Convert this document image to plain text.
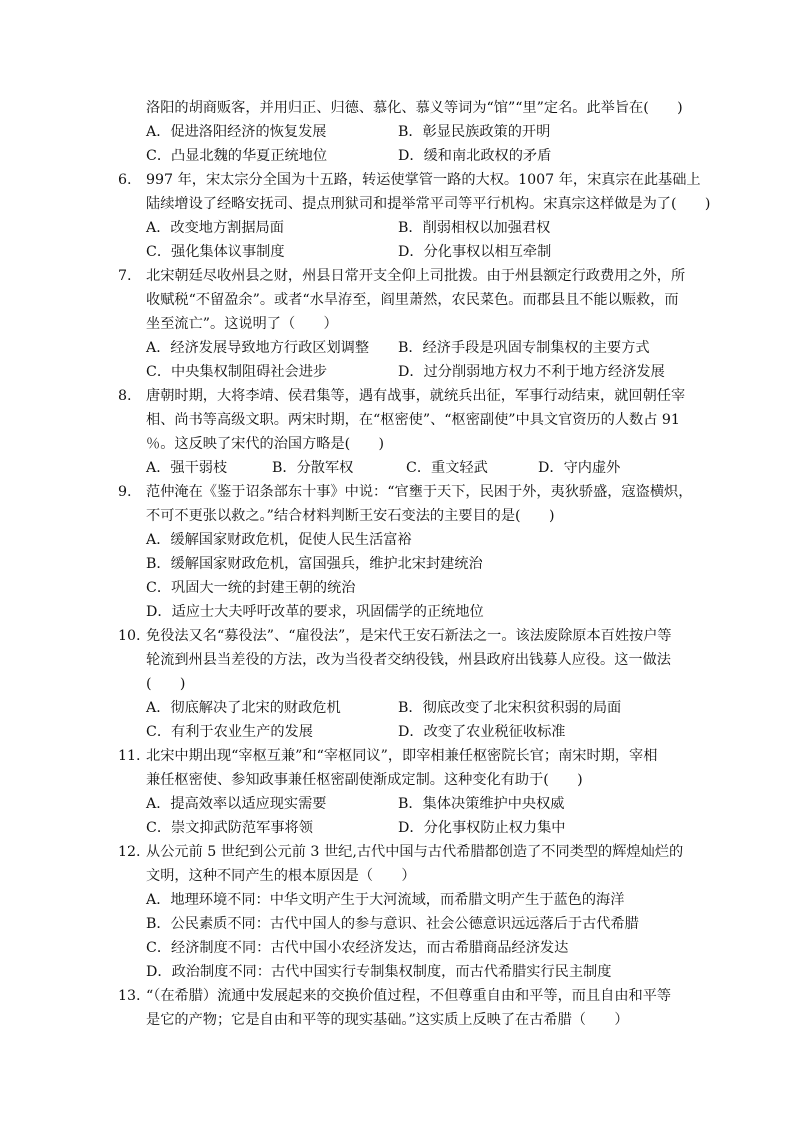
洛阳的胡商贩客，并用归正、归德、慕化、慕义等词为“馆”“里”定名。此举旨在(　　)
A．促进洛阳经济的恢复发展	B．彰显民族政策的开明
C．凸显北魏的华夏正统地位	D．缓和南北政权的矛盾
6. 997 年，宋太宗分全国为十五路，转运使掌管一路的大权。1007 年，宋真宗在此基础上
陆续增设了经略安抚司、提点刑狱司和提举常平司等平行机构。宋真宗这样做是为了(　　)
A．改变地方割据局面	B．削弱相权以加强君权
C．强化集体议事制度	D．分化事权以相互牵制
7. 北宋朝廷尽收州县之财，州县日常开支全仰上司批拨。由于州县额定行政费用之外，所
收赋税“不留盈余”。或者“水旱洊至，阎里萧然，农民菜色。而郡县且不能以赈救，而
坐至流亡”。这说明了（　　）
A．经济发展导致地方行政区划调整 B．经济手段是巩固专制集权的主要方式
C．中央集权制阻碍社会进步	D．过分削弱地方权力不利于地方经济发展
8. 唐朝时期，大将李靖、侯君集等，遇有战事，就统兵出征，军事行动结束，就回朝任宰
相、尚书等高级文职。两宋时期，在“枢密使”、“枢密副使”中具文官资历的人数占 91
％。这反映了宋代的治国方略是(　　)
A．强干弱枝	B．分散军权	C．重文轻武	D．守内虚外
9. 范仲淹在《鉴于诏条部东十事》中说：“官壅于天下，民困于外，夷狄骄盛，寇盗横炽，
不可不更张以救之。”结合材料判断王安石变法的主要目的是(　　)
A．缓解国家财政危机，促使人民生活富裕
B．缓解国家财政危机，富国强兵，维护北宋封建统治
C．巩固大一统的封建王朝的统治
D．适应士大夫呼吁改革的要求，巩固儒学的正统地位
10. 免役法又名“募役法”、“雇役法”，是宋代王安石新法之一。该法废除原本百姓按户等
轮流到州县当差役的方法，改为当役者交纳役钱，州县政府出钱募人应役。这一做法
(　　)
A．彻底解决了北宋的财政危机	B．彻底改变了北宋积贫积弱的局面
C．有利于农业生产的发展	D．改变了农业税征收标准
11. 北宋中期出现“宰枢互兼”和“宰枢同议”，即宰相兼任枢密院长官；南宋时期，宰相
兼任枢密使、参知政事兼任枢密副使渐成定制。这种变化有助于(　　)
A．提高效率以适应现实需要	B．集体决策维护中央权威
C．崇文抑武防范军事将领	D．分化事权防止权力集中
12. 从公元前 5 世纪到公元前 3 世纪,古代中国与古代希腊都创造了不同类型的辉煌灿烂的
文明，这种不同产生的根本原因是（　　）
A．地理环境不同：中华文明产生于大河流域，而希腊文明产生于蓝色的海洋
B．公民素质不同：古代中国人的参与意识、社会公德意识远远落后于古代希腊
C．经济制度不同：古代中国小农经济发达，而古希腊商品经济发达
D．政治制度不同：古代中国实行专制集权制度，而古代希腊实行民主制度
13. “（在希腊）流通中发展起来的交换价值过程，不但尊重自由和平等，而且自由和平等
是它的产物；它是自由和平等的现实基础。”这实质上反映了在古希腊（　　）
